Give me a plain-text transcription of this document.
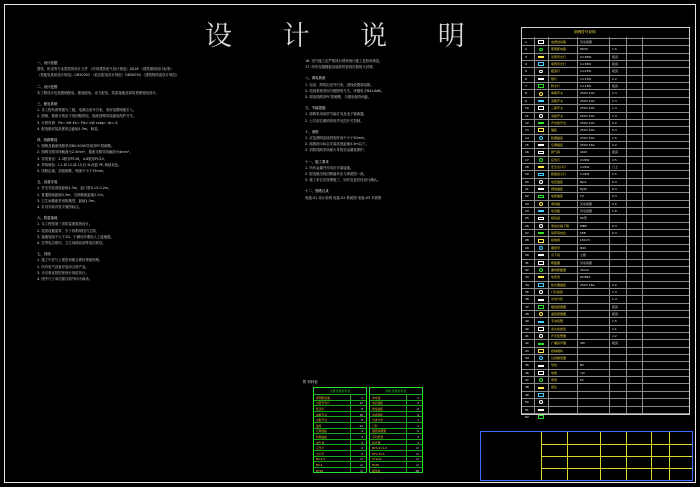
设 计 说 明
一、设计依据
建筑、机电等专业提供的设计文件 《民用建筑电气设计规范》JGJ16 《建筑照明设计标准》
《供配电系统设计规范》GB50052 《低压配电设计规范》GB50054 《建筑物防雷设计规范》
二、设计范围
本工程设计包括照明配电、插座配电、动力配电、防雷接地及弱电预埋管线设计。
三、配电系统
1. 本工程负荷等级为三级，电源由室外引来，采用电缆埋地引入。
2. 照明、插座分别由不同回路供电，插座回路均设漏电保护开关。
3. 计算负荷：Pe= kW Kx= Pjs= kW cosφ= Ijs= A
4. 配电箱安装高度底边距地1.5m，暗装。
四、线路敷设
1. 照明及插座线路采用BV-500V导线穿PC管暗敷。
2. 照明支路导线截面为2.5mm²，插座支路导线截面为4mm²。
3. 穿管管径：2-3根穿PC16，4-6根穿PC20。
4. 导线颜色：L1-黄 L2-绿 L3-红 N-淡蓝 PE-黄绿双色。
5. 线路沿墙、顶板暗敷，埋深不小于15mm。
五、设备安装
1. 开关安装高度距地1.3m，距门框0.15-0.2m。
2. 普通插座距地0.3m，空调插座距地2.2m。
3. 卫生间插座采用防溅型，距地1.5m。
4. 灯具安装详见平面图标注。
六、防雷接地
1. 本工程按第三类防雷建筑物设计。
2. 屋顶设避雷带，引下线利用柱内主筋。
3. 接地电阻不大于1Ω，不满足时增设人工接地极。
4. 总等电位联结，卫生间做局部等电位联结。
七、其他
1. 施工中应与土建密切配合做好预留预埋。
2. 所有电气设备应选用合格产品。
3. 未尽事宜按国家现行规范执行。
4. 图中尺寸单位除注明外均为毫米。
16. 电气施工应严格执行国家现行施工及验收规范。
17. 所有穿越楼板及墙体的管线应做防火封堵。
八、弱电系统
1. 电话、网络由室外引来，进线设置弱电箱。
2. 电视系统采用分配网络方式，终端电平64±4dB。
3. 弱电线路穿PC管暗敷，与强电保持间距。
九、节能措施
1. 照明采用高效节能灯具及电子镇流器。
2. 公共部位照明采用声光控开关控制。
十、消防
1. 应急照明连续供电时间不小于30min。
2. 疏散指示标志安装高度距地0.5m以下。
3. 消防线路采用耐火导线穿金属管保护。
十一、施工要求
1. 所有金属外壳均应可靠接地。
2. 配电箱出线回路编号应与系统图一致。
3. 施工单位应按图施工，如有变更应经设计确认。
十二、图纸目录
电施-01 设计说明 电施-02 系统图 电施-03 平面图
图例符号说明
1	电源进线箱	见系统图
2	照明配电箱	PZ30	1.5
3	双管荧光灯	2×36W	吸顶
4	单管荧光灯	1×36W	吸顶
5	吸顶灯	1×22W	吸顶
6	壁灯	1×13W	2.2
7	防水灯	1×13W	吸顶
8	单联开关	250V 10A	1.3
9	双联开关	250V 10A	1.3
10	三联开关	250V 10A	1.3
11	双控开关	250V 10A	1.3
12	声光控开关	250V 10A	2.2
13	插座	250V 10A	0.3
14	防溅插座	250V 10A	1.5
15	空调插座	250V 16A	2.2
16	排气扇	40W	吸顶
17	应急灯	2×8W	2.5
18	安全出口灯	1×8W	门上
19	疏散指示灯	1×8W	0.5
20	电话插座	RJ11	0.3
21	网络插座	RJ45	0.3
22	电视插座	TV	0.3
23	弱电箱	见系统图	0.5
24	电表箱	见系统图	1.8
25	接线盒	86型
26	等电位端子箱	MEB	0.3
27	局部等电位	LEB	0.3
28	接地极	L50×5
29	避雷带	Φ10
30	引下线	主筋
31	断路器	见系统图
32	漏电断路器	30mA
33	电度表	DD862
34	热水器插座	250V 16A	2.2
35	门铃按钮	1.3
36	对讲分机	1.4
37	烟感探测器	吸顶
38	温感探测器	吸顶
39	手动报警	1.5
40	消火栓按钮	1.1
41	声光报警器	2.2
42	广播扬声器	3W	吸顶
43	控制模块
44	总线隔离器
45	导线	BV
46	电缆	YJV
47	穿管	PC
48	备注
49
50
51
52
附 材料表
主要设备材料表
照明配电箱	1
双管荧光灯	12
吸顶灯	8
单联开关	10
双联开关	6
插座	24
空调插座	4
防溅插座	3
排气扇	2
应急灯	4
出口灯	2
BV-2.5	m
BV-4	m
PC16	m
弱电设备材料表
弱电箱	1
电话插座	4
网络插座	6
电视插座	4
对讲分机	1
门铃	1
烟感探测器	5
手动报警	2
扬声器	3
RVS-2×1.0	m
SYV-75-5	m
UTP-5e	m
PC20	m
接线盒	20
